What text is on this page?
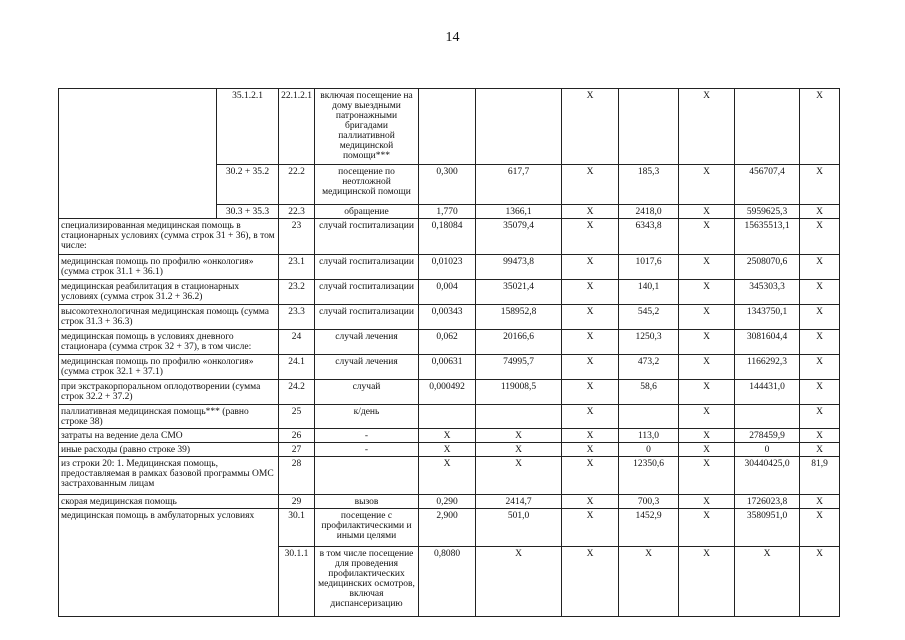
14
	35.1.2.1	22.1.2.1	включая посещение на дому выездными патронажными бригадами паллиативной медицинской помощи***			X		X		X
	30.2 + 35.2	22.2	посещение по неотложной медицинской помощи	0,300	617,7	X	185,3	X	456707,4	X
	30.3 + 35.3	22.3	обращение	1,770	1366,1	X	2418,0	X	5959625,3	X
специализированная медицинская помощь в стационарных условиях (сумма строк 31 + 36), в том числе:		23	случай госпитализации	0,18084	35079,4	X	6343,8	X	15635513,1	X
медицинская помощь по профилю «онкология» (сумма строк 31.1 + 36.1)		23.1	случай госпитализации	0,01023	99473,8	X	1017,6	X	2508070,6	X
медицинская реабилитация в стационарных условиях (сумма строк 31.2 + 36.2)		23.2	случай госпитализации	0,004	35021,4	X	140,1	X	345303,3	X
высокотехнологичная медицинская помощь (сумма строк 31.3 + 36.3)		23.3	случай госпитализации	0,00343	158952,8	X	545,2	X	1343750,1	X
медицинская помощь в условиях дневного стационара (сумма строк 32 + 37), в том числе:		24	случай лечения	0,062	20166,6	X	1250,3	X	3081604,4	X
медицинская помощь по профилю «онкология» (сумма строк 32.1 + 37.1)		24.1	случай лечения	0,00631	74995,7	X	473,2	X	1166292,3	X
при экстракорпоральном оплодотворении (сумма строк 32.2 + 37.2)		24.2	случай	0,000492	119008,5	X	58,6	X	144431,0	X
паллиативная медицинская помощь*** (равно строке 38)		25	к/день			X		X		X
затраты на ведение дела СМО		26	-	X	X	X	113,0	X	278459,9	X
иные расходы (равно строке 39)		27	-	X	X	X	0	X	0	X
из строки 20: 1. Медицинская помощь, предоставляемая в рамках базовой программы ОМС застрахованным лицам		28		X	X	X	12350,6	X	30440425,0	81,9
скорая медицинская помощь		29	вызов	0,290	2414,7	X	700,3	X	1726023,8	X
медицинская помощь в амбулаторных условиях		30.1	посещение с профилактическими и иными целями	2,900	501,0	X	1452,9	X	3580951,0	X
		30.1.1	в том числе посещение для проведения профилактических медицинских осмотров, включая диспансеризацию	0,8080	X	X	X	X	X	X
